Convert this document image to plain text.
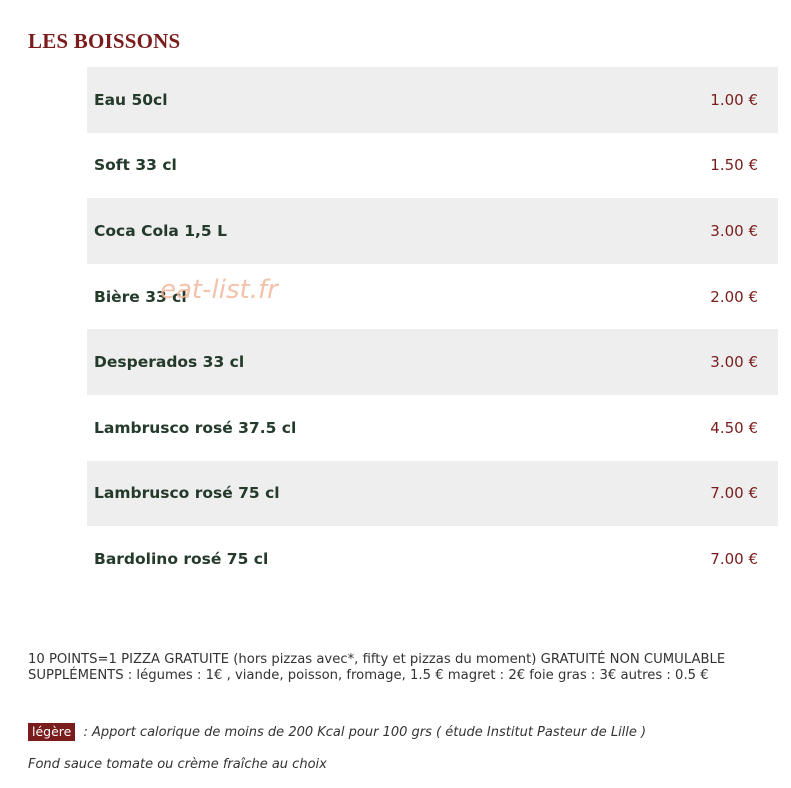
LES BOISSONS
Eau 50cl	1.00 €
Soft 33 cl	1.50 €
Coca Cola 1,5 L	3.00 €
Bière 33 cl	2.00 €
Desperados 33 cl	3.00 €
Lambrusco rosé 37.5 cl	4.50 €
Lambrusco rosé 75 cl	7.00 €
Bardolino rosé 75 cl	7.00 €
eat-list.fr

10 POINTS=1 PIZZA GRATUITE (hors pizzas avec*, fifty et pizzas du moment) GRATUITÉ NON CUMULABLE SUPPLÉMENTS : légumes : 1€ , viande, poisson, fromage, 1.5 € magret : 2€ foie gras : 3€ autres : 0.5 €

légère : Apport calorique de moins de 200 Kcal pour 100 grs ( étude Institut Pasteur de Lille )

Fond sauce tomate ou crème fraîche au choix
